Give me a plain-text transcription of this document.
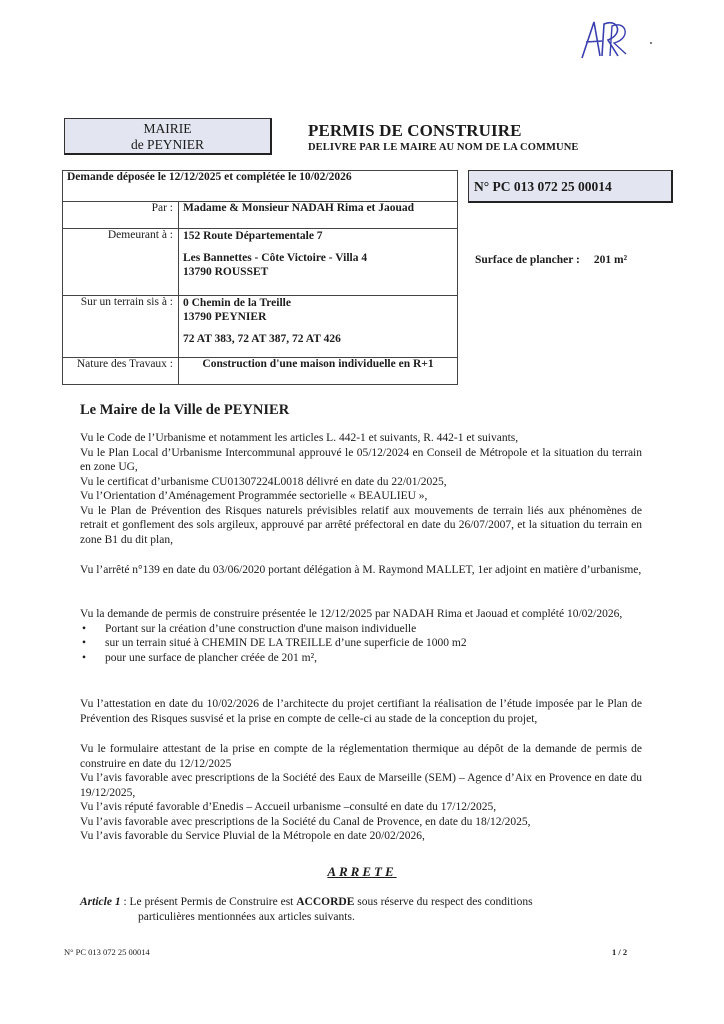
MAIRIE
de PEYNIER
PERMIS DE CONSTRUIRE
DELIVRE PAR LE MAIRE AU NOM DE LA COMMUNE
Demande déposée le 12/12/2025 et complétée le 10/02/2026	
Par :	Madame & Monsieur NADAH Rima et Jaouad
Demeurant à :	152 Route Départementale 7
Les Bannettes - Côte Victoire - Villa 4
13790 ROUSSET

Sur un terrain sis à :	0 Chemin de la Treille
13790 PEYNIER
72 AT 383, 72 AT 387, 72 AT 426

Nature des Travaux :	Construction d'une maison individuelle en R+1
N° PC 013 072 25 00014
Surface de plancher : 201 m²
Le Maire de la Ville de PEYNIER

Vu le Code de l’Urbanisme et notamment les articles L. 442-1 et suivants, R. 442-1 et suivants,

Vu le Plan Local d’Urbanisme Intercommunal approuvé le 05/12/2024 en Conseil de Métropole et la situation du terrain en zone UG,

Vu le certificat d’urbanisme CU01307224L0018 délivré en date du 22/01/2025,

Vu l’Orientation d’Aménagement Programmée sectorielle « BEAULIEU »,

Vu le Plan de Prévention des Risques naturels prévisibles relatif aux mouvements de terrain liés aux phénomènes de retrait et gonflement des sols argileux, approuvé par arrêté préfectoral en date du 26/07/2007, et la situation du terrain en zone B1 du dit plan,

Vu l’arrêté n°139 en date du 03/06/2020 portant délégation à M. Raymond MALLET, 1er adjoint en matière d’urbanisme,

Vu la demande de permis de construire présentée le 12/12/2025 par NADAH Rima et Jaouad et complété 10/02/2026,

• Portant sur la création d’une construction d'une maison individuelle
• sur un terrain situé à CHEMIN DE LA TREILLE d’une superficie de 1000 m2
• pour une surface de plancher créée de 201 m²,

Vu l’attestation en date du 10/02/2026 de l’architecte du projet certifiant la réalisation de l’étude imposée par le Plan de Prévention des Risques susvisé et la prise en compte de celle-ci au stade de la conception du projet,

Vu le formulaire attestant de la prise en compte de la réglementation thermique au dépôt de la demande de permis de construire en date du 12/12/2025

Vu l’avis favorable avec prescriptions de la Société des Eaux de Marseille (SEM) – Agence d’Aix en Provence en date du 19/12/2025,

Vu l’avis réputé favorable d’Enedis – Accueil urbanisme –consulté en date du 17/12/2025,

Vu l’avis favorable avec prescriptions de la Société du Canal de Provence, en date du 18/12/2025,

Vu l’avis favorable du Service Pluvial de la Métropole en date 20/02/2026,

ARRETE
Article 1 : Le présent Permis de Construire est ACCORDE sous réserve du respect des conditions
particulières mentionnées aux articles suivants.
N° PC 013 072 25 00014	1 / 2
